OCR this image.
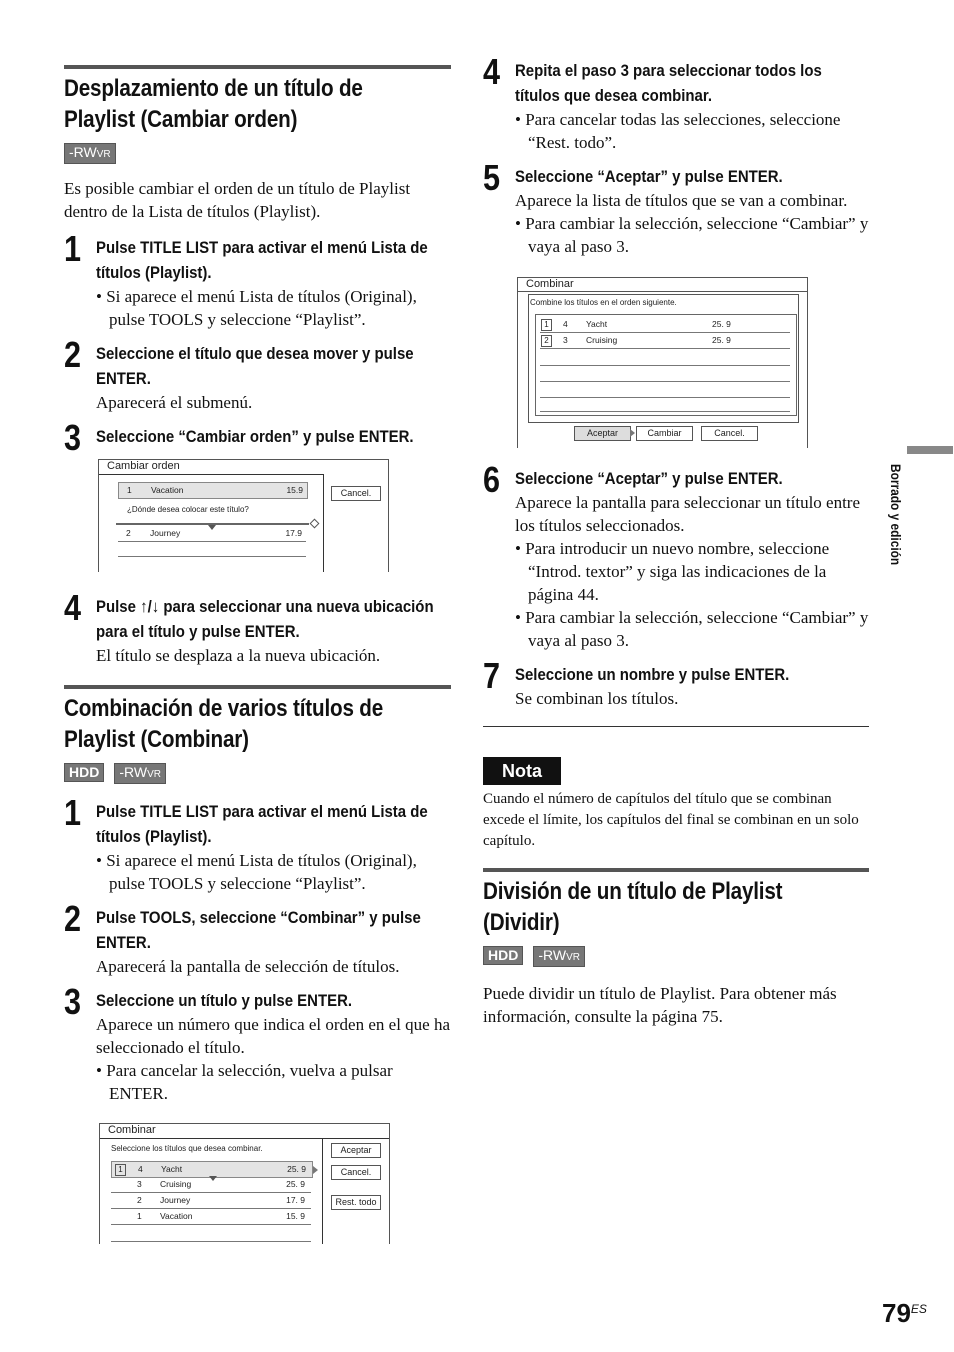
Desplazamiento de un título de
Playlist (Cambiar orden)
-RWVR

Es posible cambiar el orden de un título de Playlist dentro de la Lista de títulos (Playlist).

1 Pulse TITLE LIST para activar el menú Lista de títulos (Playlist).
• Si aparece el menú Lista de títulos (Original), pulse TOOLS y seleccione “Playlist”.
2 Seleccione el título que desea mover y pulse ENTER.
Aparecerá el submenú.
3 Seleccione “Cambiar orden” y pulse ENTER.
Cambiar orden
1 Vacation	15.9
¿Dónde desea colocar este título?
2 Journey	17.9
Cancel.
4 Pulse ↑/↓ para seleccionar una nueva ubicación para el título y pulse ENTER.
El título se desplaza a la nueva ubicación.
Combinación de varios títulos de
Playlist (Combinar)
HDD -RWVR
1 Pulse TITLE LIST para activar el menú Lista de títulos (Playlist).
• Si aparece el menú Lista de títulos (Original), pulse TOOLS y seleccione “Playlist”.
2 Pulse TOOLS, seleccione “Combinar” y pulse ENTER.
Aparecerá la pantalla de selección de títulos.
3 Seleccione un título y pulse ENTER.
Aparece un número que indica el orden en el que ha seleccionado el título.
• Para cancelar la selección, vuelva a pulsar ENTER.
Combinar
Seleccione los títulos que desea combinar.
1	4 Yacht	25. 9
3 Cruising	25. 9
2 Journey	17. 9
1 Vacation	15. 9
Aceptar
Cancel.
Rest. todo
4 Repita el paso 3 para seleccionar todos los títulos que desea combinar.
• Para cancelar todas las selecciones, seleccione “Rest. todo”.
5 Seleccione “Aceptar” y pulse ENTER.
Aparece la lista de títulos que se van a combinar.
• Para cambiar la selección, seleccione “Cambiar” y vaya al paso 3.
Combinar
Combine los títulos en el orden siguiente.
1	4 Yacht	25. 9
2	3 Cruising	25. 9
Aceptar	Cambiar	Cancel.
6 Seleccione “Aceptar” y pulse ENTER.
Aparece la pantalla para seleccionar un título entre los títulos seleccionados.
• Para introducir un nuevo nombre, seleccione “Introd. textor” y siga las indicaciones de la página 44.
• Para cambiar la selección, seleccione “Cambiar” y vaya al paso 3.
7 Seleccione un nombre y pulse ENTER.
Se combinan los títulos.
Nota
Cuando el número de capítulos del título que se combinan excede el límite, los capítulos del final se combinan en un solo capítulo.
División de un título de Playlist
(Dividir)
HDD -RWVR

Puede dividir un título de Playlist. Para obtener más información, consulte la página 75.

Borrado y edición
$79^{ES}$
